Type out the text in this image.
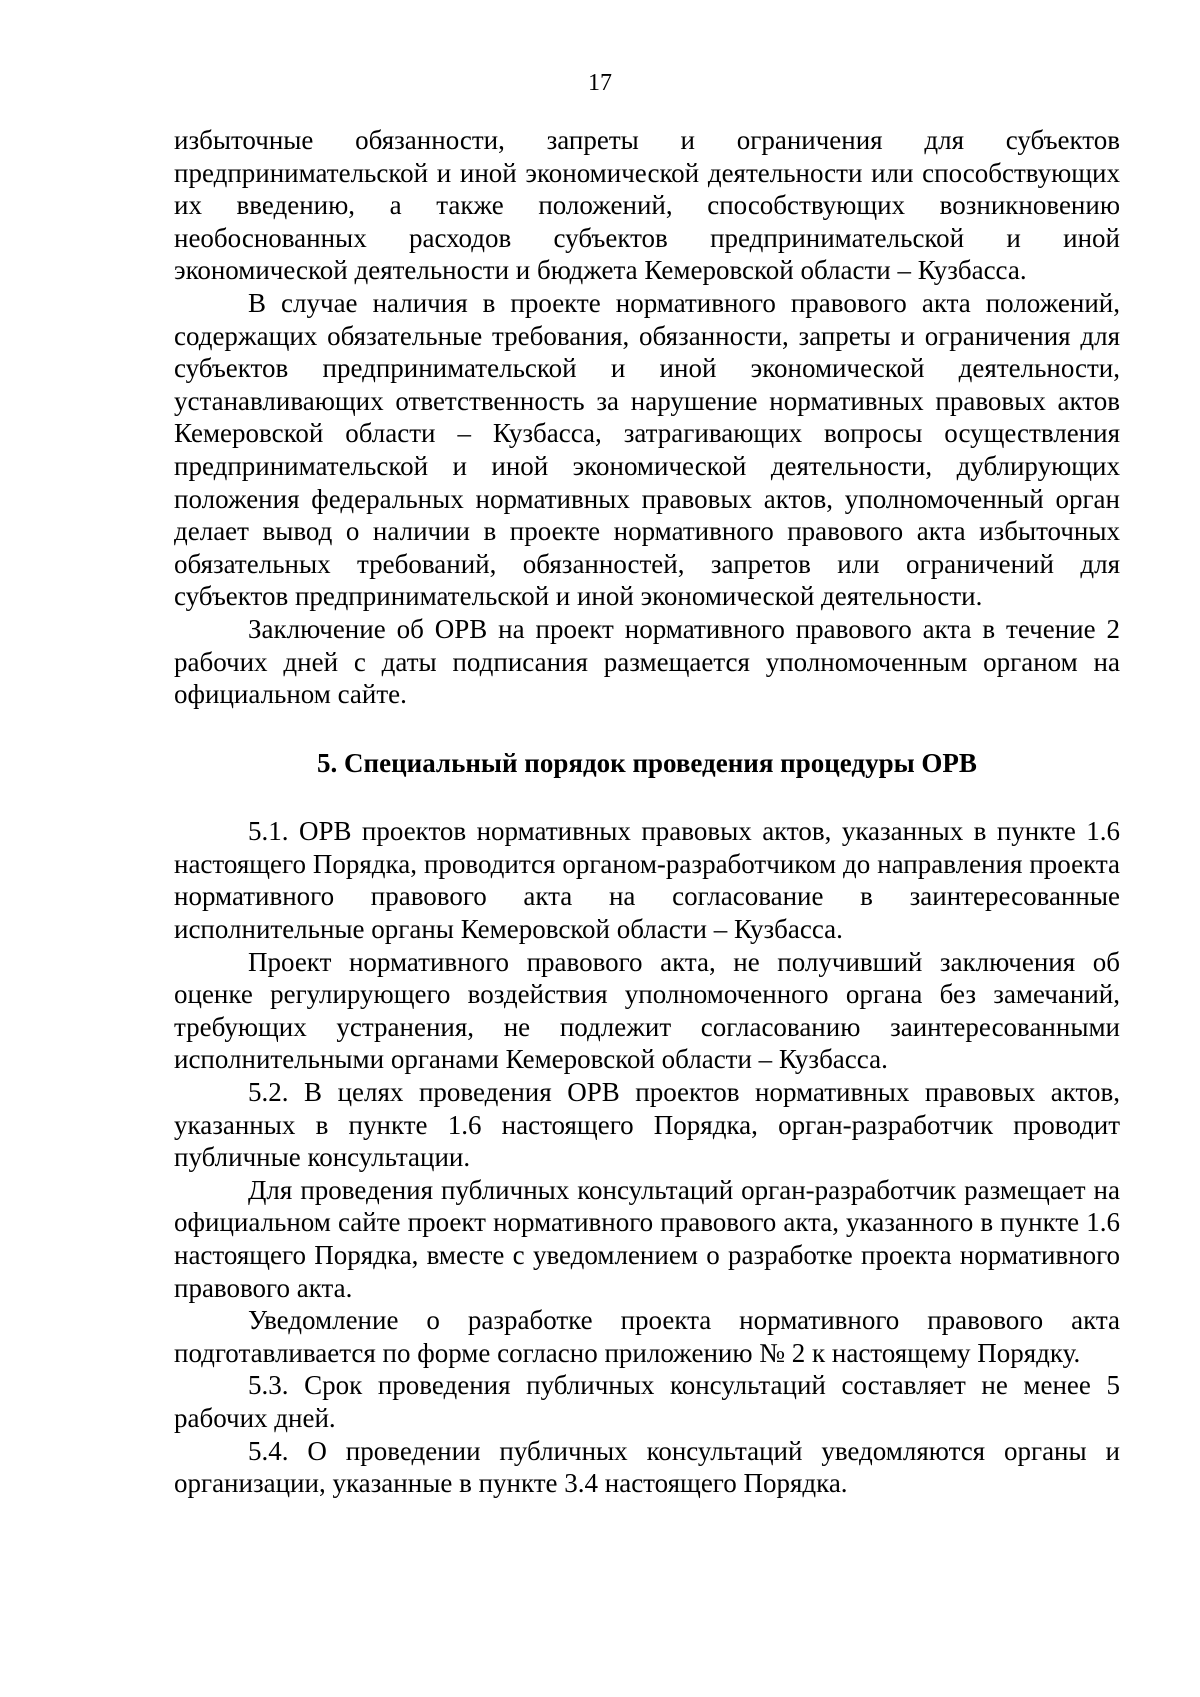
17

избыточные обязанности, запреты и ограничения для субъектов предпринимательской и иной экономической деятельности или способствующих их введению, а также положений, способствующих возникновению необоснованных расходов субъектов предпринимательской и иной экономической деятельности и бюджета Кемеровской области – Кузбасса.

В случае наличия в проекте нормативного правового акта положений, содержащих обязательные требования, обязанности, запреты и ограничения для субъектов предпринимательской и иной экономической деятельности, устанавливающих ответственность за нарушение нормативных правовых актов Кемеровской области – Кузбасса, затрагивающих вопросы осуществления предпринимательской и иной экономической деятельности, дублирующих положения федеральных нормативных правовых актов, уполномоченный орган делает вывод о наличии в проекте нормативного правового акта избыточных обязательных требований, обязанностей, запретов или ограничений для субъектов предпринимательской и иной экономической деятельности.

Заключение об ОРВ на проект нормативного правового акта в течение 2 рабочих дней с даты подписания размещается уполномоченным органом на официальном сайте.

5. Специальный порядок проведения процедуры ОРВ

5.1. ОРВ проектов нормативных правовых актов, указанных в пункте 1.6 настоящего Порядка, проводится органом-разработчиком до направления проекта нормативного правового акта на согласование в заинтересованные исполнительные органы Кемеровской области – Кузбасса.

Проект нормативного правового акта, не получивший заключения об оценке регулирующего воздействия уполномоченного органа без замечаний, требующих устранения, не подлежит согласованию заинтересованными исполнительными органами Кемеровской области – Кузбасса.

5.2. В целях проведения ОРВ проектов нормативных правовых актов, указанных в пункте 1.6 настоящего Порядка, орган-разработчик проводит публичные консультации.

Для проведения публичных консультаций орган-разработчик размещает на официальном сайте проект нормативного правового акта, указанного в пункте 1.6 настоящего Порядка, вместе с уведомлением о разработке проекта нормативного правового акта.

Уведомление о разработке проекта нормативного правового акта подготавливается по форме согласно приложению № 2 к настоящему Порядку.

5.3. Срок проведения публичных консультаций составляет не менее 5 рабочих дней.

5.4. О проведении публичных консультаций уведомляются органы и организации, указанные в пункте 3.4 настоящего Порядка.
